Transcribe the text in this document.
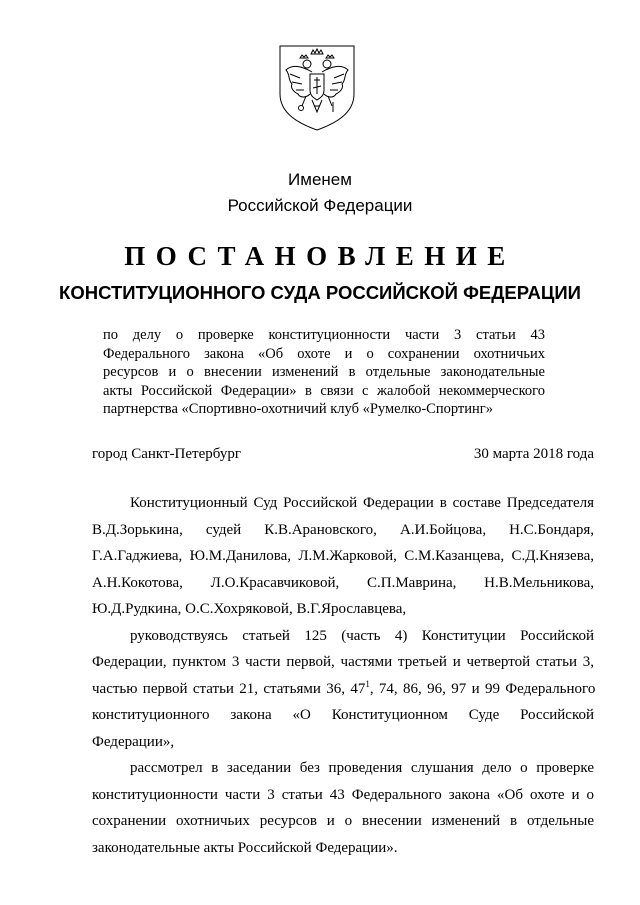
Именем
Российской Федерации
ПОСТАНОВЛЕНИЕ
КОНСТИТУЦИОННОГО СУДА РОССИЙСКОЙ ФЕДЕРАЦИИ
по делу о проверке конституционности части 3 статьи 43
Федерального закона «Об охоте и о сохранении охотничьих
ресурсов и о внесении изменений в отдельные законодательные
акты Российской Федерации» в связи с жалобой некоммерческого
партнерства «Спортивно-охотничий клуб «Румелко-Спортинг»
город Санкт-Петербург	30 марта 2018 года
Конституционный Суд Российской Федерации в составе Председателя
В.Д.Зорькина, судей К.В.Арановского, А.И.Бойцова, Н.С.Бондаря,
Г.А.Гаджиева, Ю.М.Данилова, Л.М.Жарковой, С.М.Казанцева, С.Д.Князева,
А.Н.Кокотова, Л.О.Красавчиковой, С.П.Маврина, Н.В.Мельникова,
Ю.Д.Рудкина, О.С.Хохряковой, В.Г.Ярославцева,
руководствуясь статьей 125 (часть 4) Конституции Российской
Федерации, пунктом 3 части первой, частями третьей и четвертой статьи 3,
частью первой статьи 21, статьями 36, $47^1$, 74, 86, 96, 97 и 99 Федерального
конституционного закона «О Конституционном Суде Российской
Федерации»,
рассмотрел в заседании без проведения слушания дело о проверке
конституционности части 3 статьи 43 Федерального закона «Об охоте и о
сохранении охотничьих ресурсов и о внесении изменений в отдельные
законодательные акты Российской Федерации».
